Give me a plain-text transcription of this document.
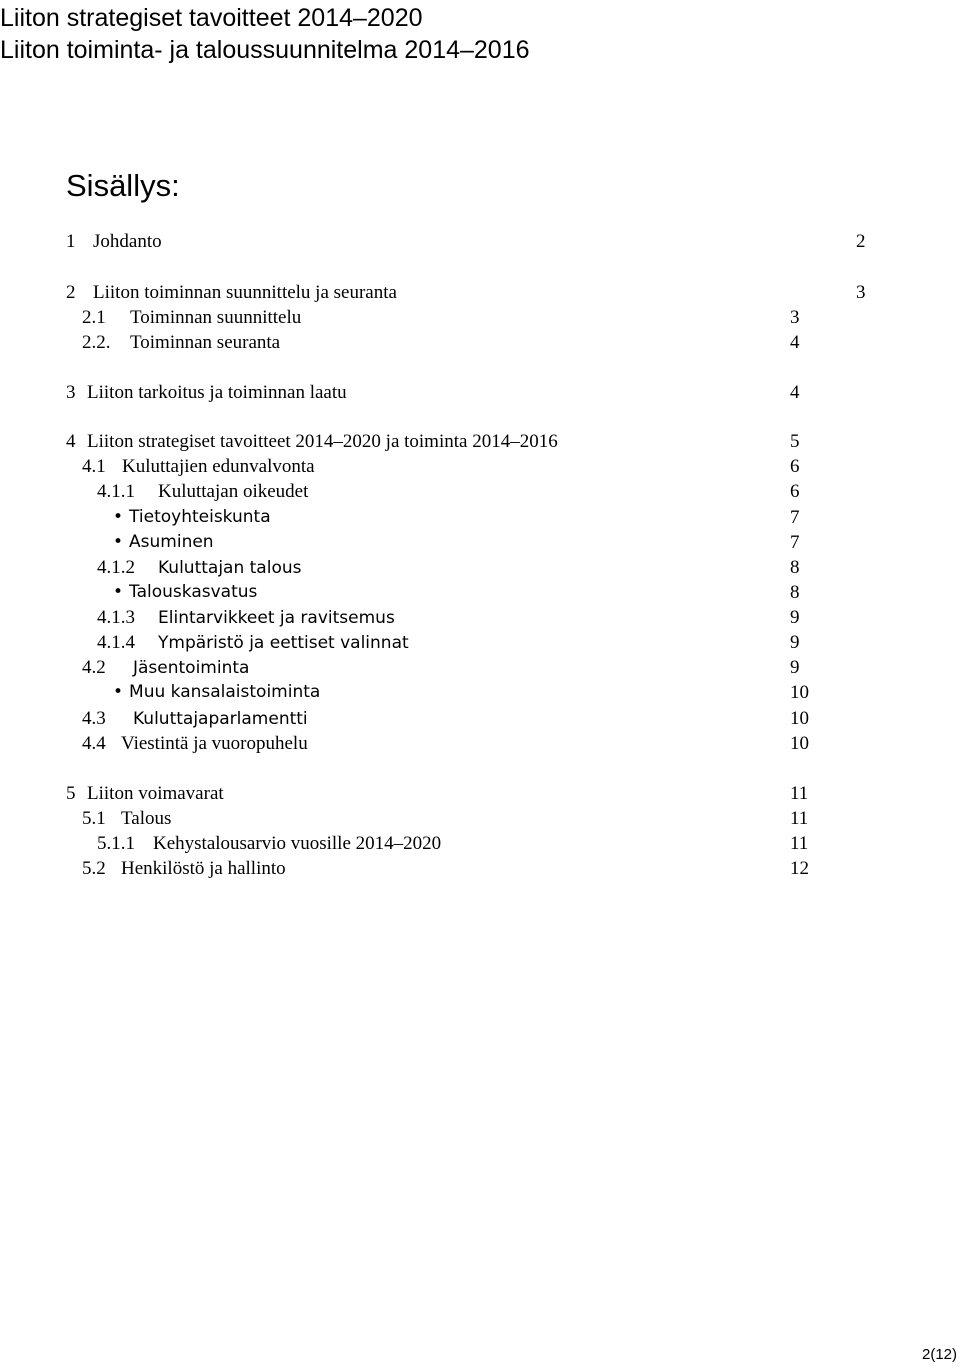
Liiton strategiset tavoitteet 2014–2020
Liiton toiminta- ja taloussuunnitelma 2014–2016
Sisällys:
1 Johdanto	2
2 Liiton toiminnan suunnittelu ja seuranta	3
2.1 Toiminnan suunnittelu	3
2.2. Toiminnan seuranta	4
3 Liiton tarkoitus ja toiminnan laatu	4
4 Liiton strategiset tavoitteet 2014–2020 ja toiminta 2014–2016	5
4.1 Kuluttajien edunvalvonta	6
4.1.1 Kuluttajan oikeudet	6
• Tietoyhteiskunta	7
• Asuminen	7
4.1.2 Kuluttajan talous	8
• Talouskasvatus	8
4.1.3 Elintarvikkeet ja ravitsemus	9
4.1.4 Ympäristö ja eettiset valinnat	9
4.2 Jäsentoiminta	9
• Muu kansalaistoiminta	10
4.3 Kuluttajaparlamentti	10
4.4 Viestintä ja vuoropuhelu	10
5 Liiton voimavarat	11
5.1 Talous	11
5.1.1 Kehystalousarvio vuosille 2014–2020	11
5.2 Henkilöstö ja hallinto	12
2(12)
